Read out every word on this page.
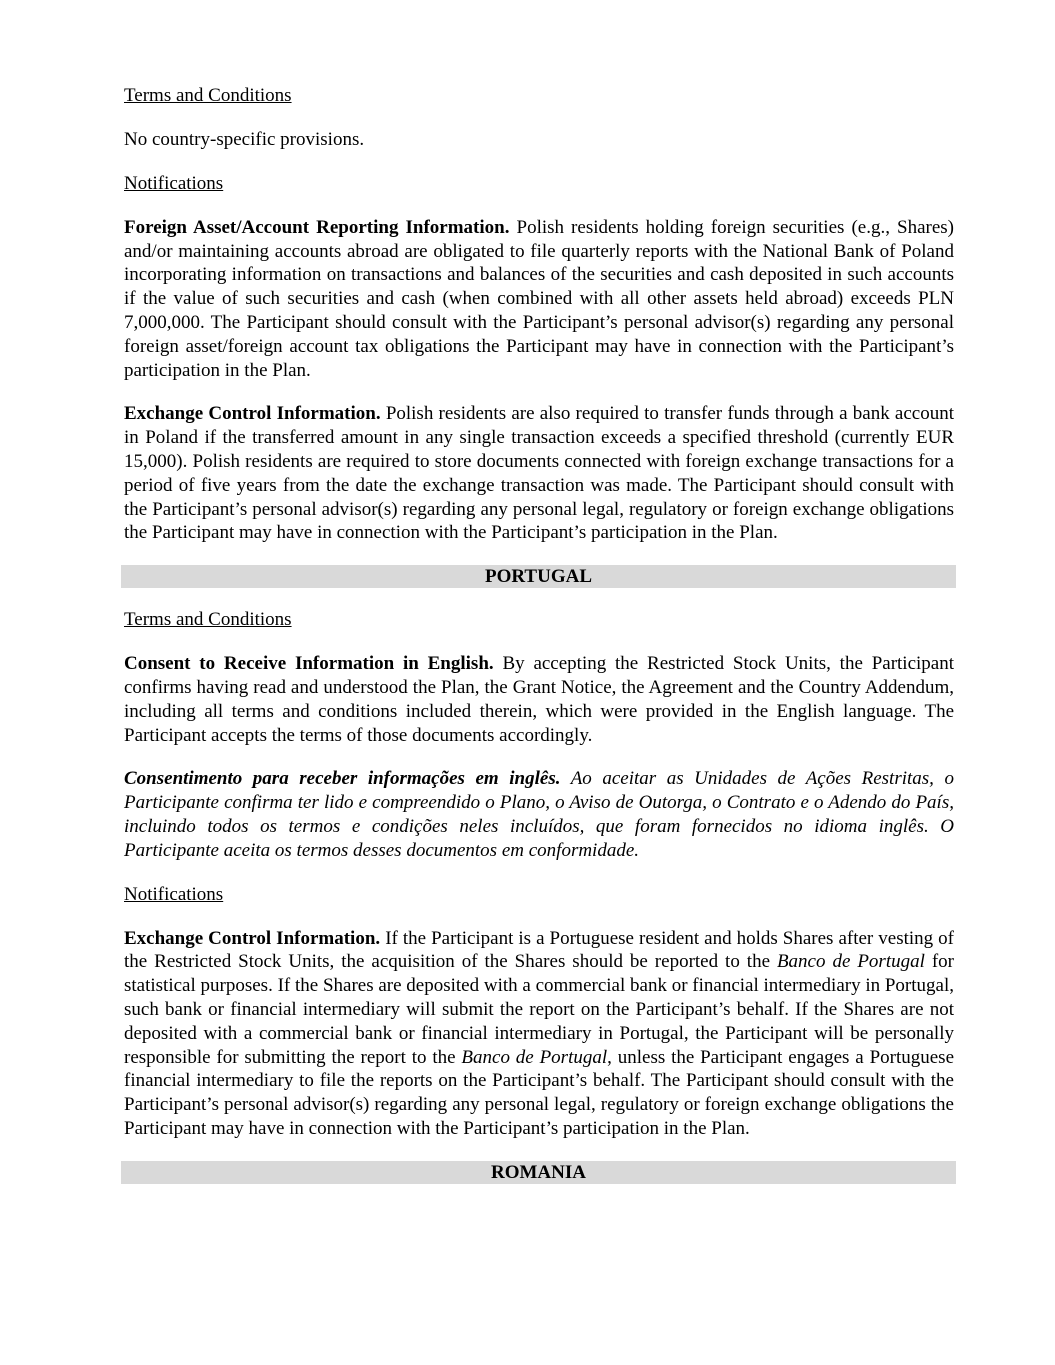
Terms and Conditions

No country-specific provisions.

Notifications

Foreign Asset/Account Reporting Information. Polish residents holding foreign securities (e.g., Shares) and/or maintaining accounts abroad are obligated to file quarterly reports with the National Bank of Poland incorporating information on transactions and balances of the securities and cash deposited in such accounts if the value of such securities and cash (when combined with all other assets held abroad) exceeds PLN 7,000,000. The Participant should consult with the Participant’s personal advisor(s) regarding any personal foreign asset/foreign account tax obligations the Participant may have in connection with the Participant’s participation in the Plan.

Exchange Control Information. Polish residents are also required to transfer funds through a bank account in Poland if the transferred amount in any single transaction exceeds a specified threshold (currently EUR 15,000). Polish residents are required to store documents connected with foreign exchange transactions for a period of five years from the date the exchange transaction was made. The Participant should consult with the Participant’s personal advisor(s) regarding any personal legal, regulatory or foreign exchange obligations the Participant may have in connection with the Participant’s participation in the Plan.

PORTUGAL
Terms and Conditions

Consent to Receive Information in English. By accepting the Restricted Stock Units, the Participant confirms having read and understood the Plan, the Grant Notice, the Agreement and the Country Addendum, including all terms and conditions included therein, which were provided in the English language. The Participant accepts the terms of those documents accordingly.

Consentimento para receber informações em inglês. Ao aceitar as Unidades de Ações Restritas, o Participante confirma ter lido e compreendido o Plano, o Aviso de Outorga, o Contrato e o Adendo do País, incluindo todos os termos e condições neles incluídos, que foram fornecidos no idioma inglês. O Participante aceita os termos desses documentos em conformidade.

Notifications

Exchange Control Information. If the Participant is a Portuguese resident and holds Shares after vesting of the Restricted Stock Units, the acquisition of the Shares should be reported to the Banco de Portugal for statistical purposes. If the Shares are deposited with a commercial bank or financial intermediary in Portugal, such bank or financial intermediary will submit the report on the Participant’s behalf. If the Shares are not deposited with a commercial bank or financial intermediary in Portugal, the Participant will be personally responsible for submitting the report to the Banco de Portugal, unless the Participant engages a Portuguese financial intermediary to file the reports on the Participant’s behalf. The Participant should consult with the Participant’s personal advisor(s) regarding any personal legal, regulatory or foreign exchange obligations the Participant may have in connection with the Participant’s participation in the Plan.

ROMANIA
